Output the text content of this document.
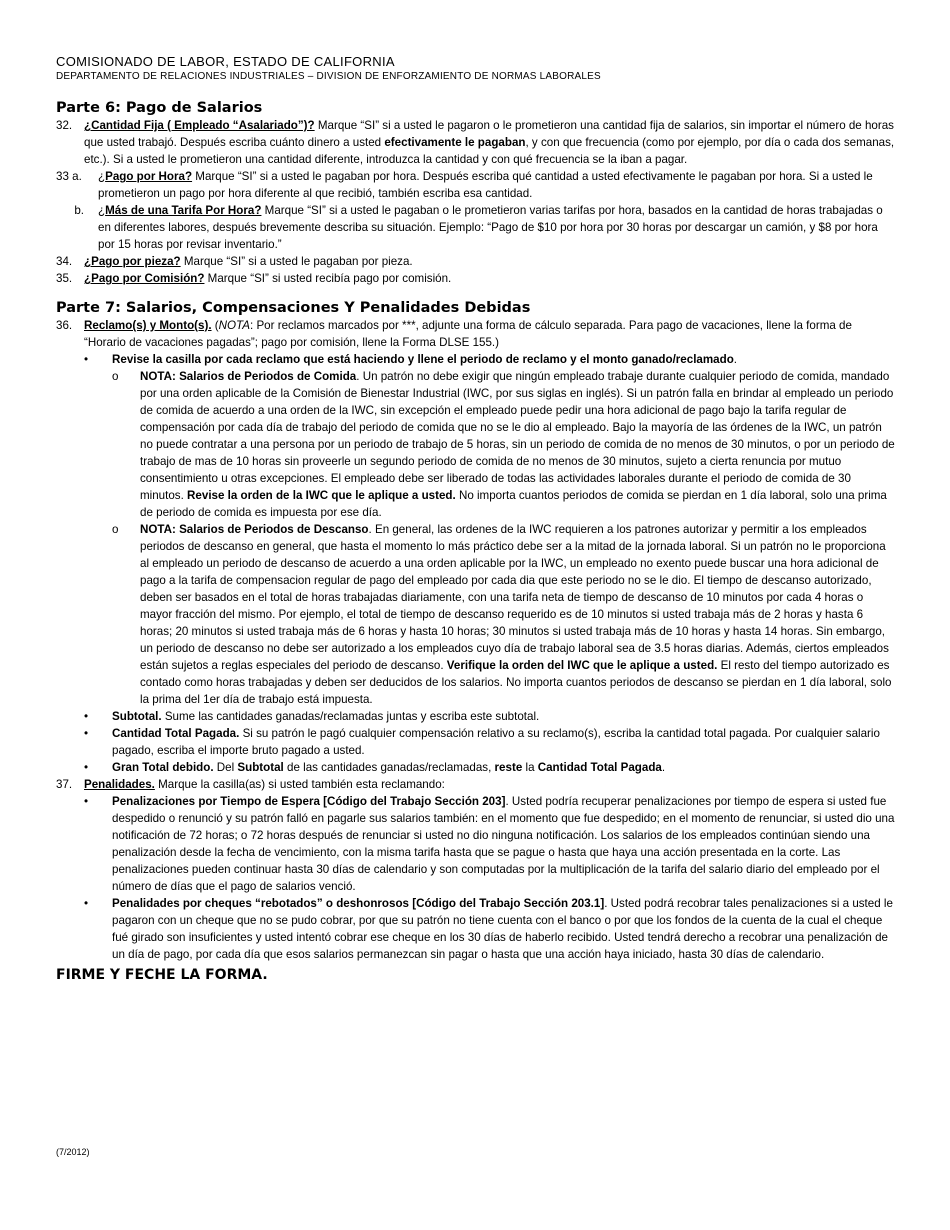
COMISIONADO DE LABOR, ESTADO DE CALIFORNIA
DEPARTAMENTO DE RELACIONES INDUSTRIALES – DIVISION DE ENFORZAMIENTO DE NORMAS LABORALES
Parte 6: Pago de Salarios
32.	¿Cantidad Fija ( Empleado “Asalariado”)? Marque “SI” si a usted le pagaron o le prometieron una cantidad fija de salarios, sin importar el número de horas que usted trabajó. Después escriba cuánto dinero a usted efectivamente le pagaban, y con que frecuencia (como por ejemplo, por día o cada dos semanas, etc.). Si a usted le prometieron una cantidad diferente, introduzca la cantidad y con qué frecuencia se la iban a pagar.
33 a.	¿Pago por Hora? Marque “SI” si a usted le pagaban por hora. Después escriba qué cantidad a usted efectivamente le pagaban por hora. Si a usted le prometieron un pago por hora diferente al que recibió, también escriba esa cantidad.
b.	¿Más de una Tarifa Por Hora? Marque “SI” si a usted le pagaban o le prometieron varias tarifas por hora, basados en la cantidad de horas trabajadas o en diferentes labores, después brevemente describa su situación. Ejemplo: “Pago de $10 por hora por 30 horas por descargar un camión, y $8 por hora por 15 horas por revisar inventario.”
34.	¿Pago por pieza? Marque “SI” si a usted le pagaban por pieza.
35.	¿Pago por Comisión? Marque “SI” si usted recibía pago por comisión.
Parte 7: Salarios, Compensaciones Y Penalidades Debidas
36.	Reclamo(s) y Monto(s). (NOTA: Por reclamos marcados por ***, adjunte una forma de cálculo separada. Para pago de vacaciones, llene la forma de “Horario de vacaciones pagadas”; pago por comisión, llene la Forma DLSE 155.)
•	Revise la casilla por cada reclamo que está haciendo y llene el periodo de reclamo y el monto ganado/reclamado.
o	NOTA: Salarios de Periodos de Comida. Un patrón no debe exigir que ningún empleado trabaje durante cualquier periodo de comida, mandado por una orden aplicable de la Comisión de Bienestar Industrial (IWC, por sus siglas en inglés). Si un patrón falla en brindar al empleado un periodo de comida de acuerdo a una orden de la IWC, sin excepción el empleado puede pedir una hora adicional de pago bajo la tarifa regular de compensación por cada día de trabajo del periodo de comida que no se le dio al empleado. Bajo la mayoría de las órdenes de la IWC, un patrón no puede contratar a una persona por un periodo de trabajo de 5 horas, sin un periodo de comida de no menos de 30 minutos, o por un periodo de trabajo de mas de 10 horas sin proveerle un segundo periodo de comida de no menos de 30 minutos, sujeto a cierta renuncia por mutuo consentimiento u otras excepciones. El empleado debe ser liberado de todas las actividades laborales durante el periodo de comida de 30 minutos. Revise la orden de la IWC que le aplique a usted. No importa cuantos periodos de comida se pierdan en 1 día laboral, solo una prima de periodo de comida es impuesta por ese día.
o	NOTA: Salarios de Periodos de Descanso. En general, las ordenes de la IWC requieren a los patrones autorizar y permitir a los empleados periodos de descanso en general, que hasta el momento lo más práctico debe ser a la mitad de la jornada laboral. Si un patrón no le proporciona al empleado un periodo de descanso de acuerdo a una orden aplicable por la IWC, un empleado no exento puede buscar una hora adicional de pago a la tarifa de compensacion regular de pago del empleado por cada dia que este periodo no se le dio. El tiempo de descanso autorizado, deben ser basados en el total de horas trabajadas diariamente, con una tarifa neta de tiempo de descanso de 10 minutos por cada 4 horas o mayor fracción del mismo. Por ejemplo, el total de tiempo de descanso requerido es de 10 minutos si usted trabaja más de 2 horas y hasta 6 horas; 20 minutos si usted trabaja más de 6 horas y hasta 10 horas; 30 minutos si usted trabaja más de 10 horas y hasta 14 horas. Sin embargo, un periodo de descanso no debe ser autorizado a los empleados cuyo día de trabajo laboral sea de 3.5 horas diarias. Además, ciertos empleados están sujetos a reglas especiales del periodo de descanso. Verifique la orden del IWC que le aplique a usted. El resto del tiempo autorizado es contado como horas trabajadas y deben ser deducidos de los salarios. No importa cuantos periodos de descanso se pierdan en 1 día laboral, solo la prima del 1er día de trabajo está impuesta.
•	Subtotal. Sume las cantidades ganadas/reclamadas juntas y escriba este subtotal.
•	Cantidad Total Pagada. Si su patrón le pagó cualquier compensación relativo a su reclamo(s), escriba la cantidad total pagada. Por cualquier salario pagado, escriba el importe bruto pagado a usted.
•	Gran Total debido. Del Subtotal de las cantidades ganadas/reclamadas, reste la Cantidad Total Pagada.
37.	Penalidades. Marque la casilla(as) si usted también esta reclamando:
•	Penalizaciones por Tiempo de Espera [Código del Trabajo Sección 203]. Usted podría recuperar penalizaciones por tiempo de espera si usted fue despedido o renunció y su patrón falló en pagarle sus salarios también: en el momento que fue despedido; en el momento de renunciar, si usted dio una notificación de 72 horas; o 72 horas después de renunciar si usted no dio ninguna notificación. Los salarios de los empleados continúan siendo una penalización desde la fecha de vencimiento, con la misma tarifa hasta que se pague o hasta que haya una acción presentada en la corte. Las penalizaciones pueden continuar hasta 30 días de calendario y son computadas por la multiplicación de la tarifa del salario diario del empleado por el número de días que el pago de salarios venció.
•	Penalidades por cheques “rebotados” o deshonrosos [Código del Trabajo Sección 203.1]. Usted podrá recobrar tales penalizaciones si a usted le pagaron con un cheque que no se pudo cobrar, por que su patrón no tiene cuenta con el banco o por que los fondos de la cuenta de la cual el cheque fué girado son insuficientes y usted intentó cobrar ese cheque en los 30 días de haberlo recibido. Usted tendrá derecho a recobrar una penalización de un día de pago, por cada día que esos salarios permanezcan sin pagar o hasta que una acción haya iniciado, hasta 30 días de calendario.
FIRME Y FECHE LA FORMA.
(7/2012)
